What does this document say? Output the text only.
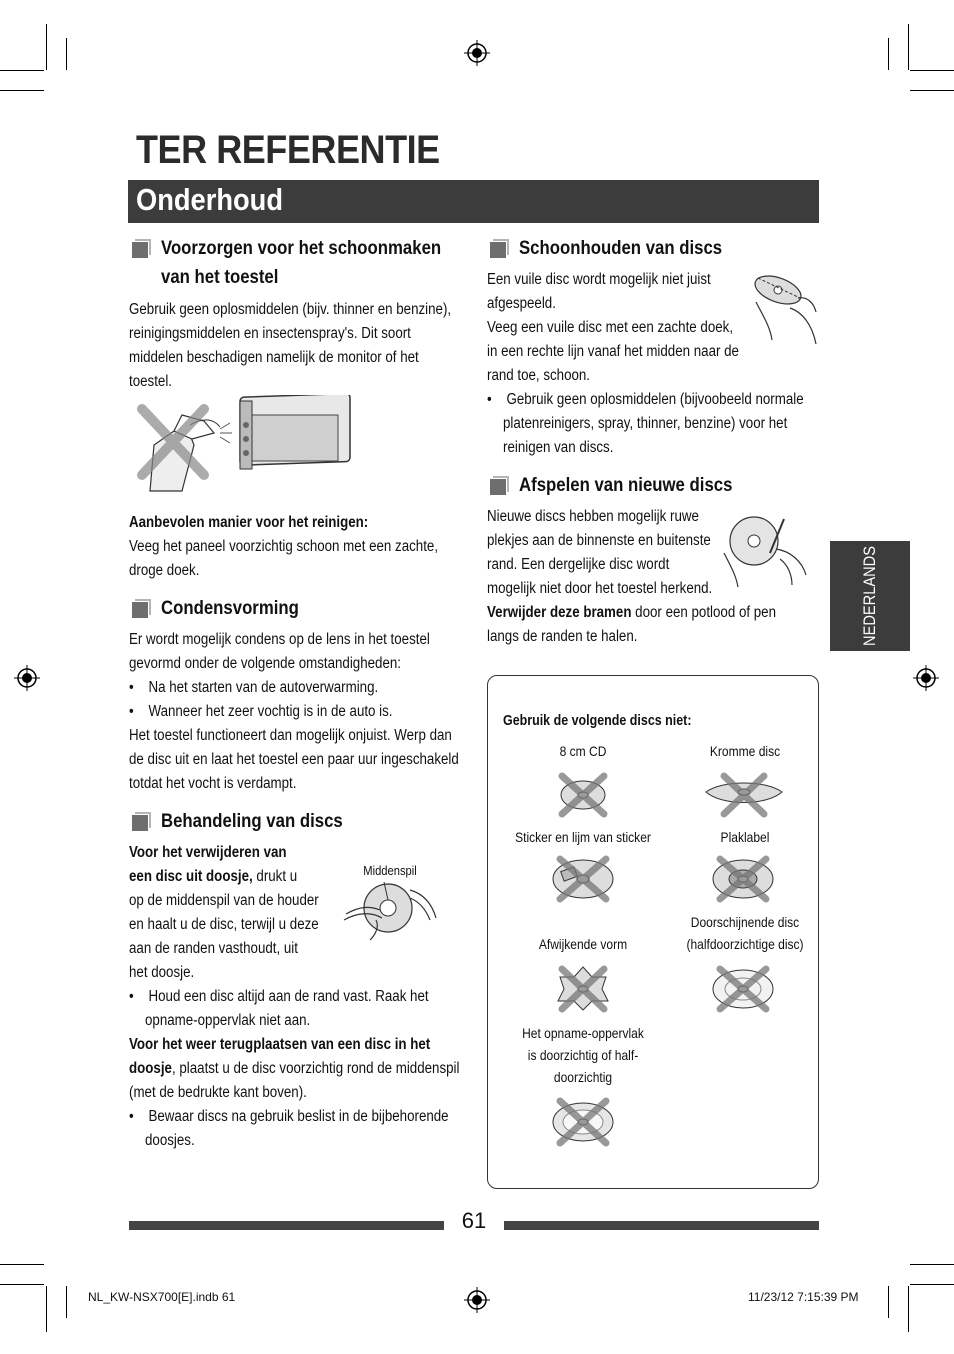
TER REFERENTIE
Onderhoud
Voorzorgen voor het schoonmaken
van het toestel
Gebruik geen oplosmiddelen (bijv. thinner en benzine),
reinigingsmiddelen en insectenspray's. Dit soort
middelen beschadigen namelijk de monitor of het
toestel.
Aanbevolen manier voor het reinigen:
Veeg het paneel voorzichtig schoon met een zachte,
droge doek.
Condensvorming
Er wordt mogelijk condens op de lens in het toestel
gevormd onder de volgende omstandigheden:
•    Na het starten van de autoverwarming.
•    Wanneer het zeer vochtig is in de auto is.
Het toestel functioneert dan mogelijk onjuist. Werp dan
de disc uit en laat het toestel een paar uur ingeschakeld
totdat het vocht is verdampt.
Behandeling van discs
Voor het verwijderen van
een disc uit doosje, drukt u
op de middenspil van de houder
en haalt u de disc, terwijl u deze
aan de randen vasthoudt, uit
het doosje.
Middenspil
•    Houd een disc altijd aan de rand vast. Raak het
opname-oppervlak niet aan.
Voor het weer terugplaatsen van een disc in het
doosje, plaatst u de disc voorzichtig rond de middenspil
(met de bedrukte kant boven).
•    Bewaar discs na gebruik beslist in de bijbehorende
doosjes.
Schoonhouden van discs
Een vuile disc wordt mogelijk niet juist
afgespeeld.
Veeg een vuile disc met een zachte doek,
in een rechte lijn vanaf het midden naar de
rand toe, schoon.
•    Gebruik geen oplosmiddelen (bijvoobeeld normale
platenreinigers, spray, thinner, benzine) voor het
reinigen van discs.
Afspelen van nieuwe discs
Nieuwe discs hebben mogelijk ruwe
plekjes aan de binnenste en buitenste
rand. Een dergelijke disc wordt
mogelijk niet door het toestel herkend.
Verwijder deze bramen door een potlood of pen
langs de randen te halen.	NEDERLANDS
Gebruik de volgende discs niet:
8 cm CD	Kromme disc
Sticker en lijm van sticker	Plaklabel
Doorschijnende disc
(halfdoorzichtige disc)
Afwijkende vorm
Het opname-oppervlak
is doorzichtig of half-
doorzichtig
61
NL_KW-NSX700[E].indb 61	11/23/12 7:15:39 PM
